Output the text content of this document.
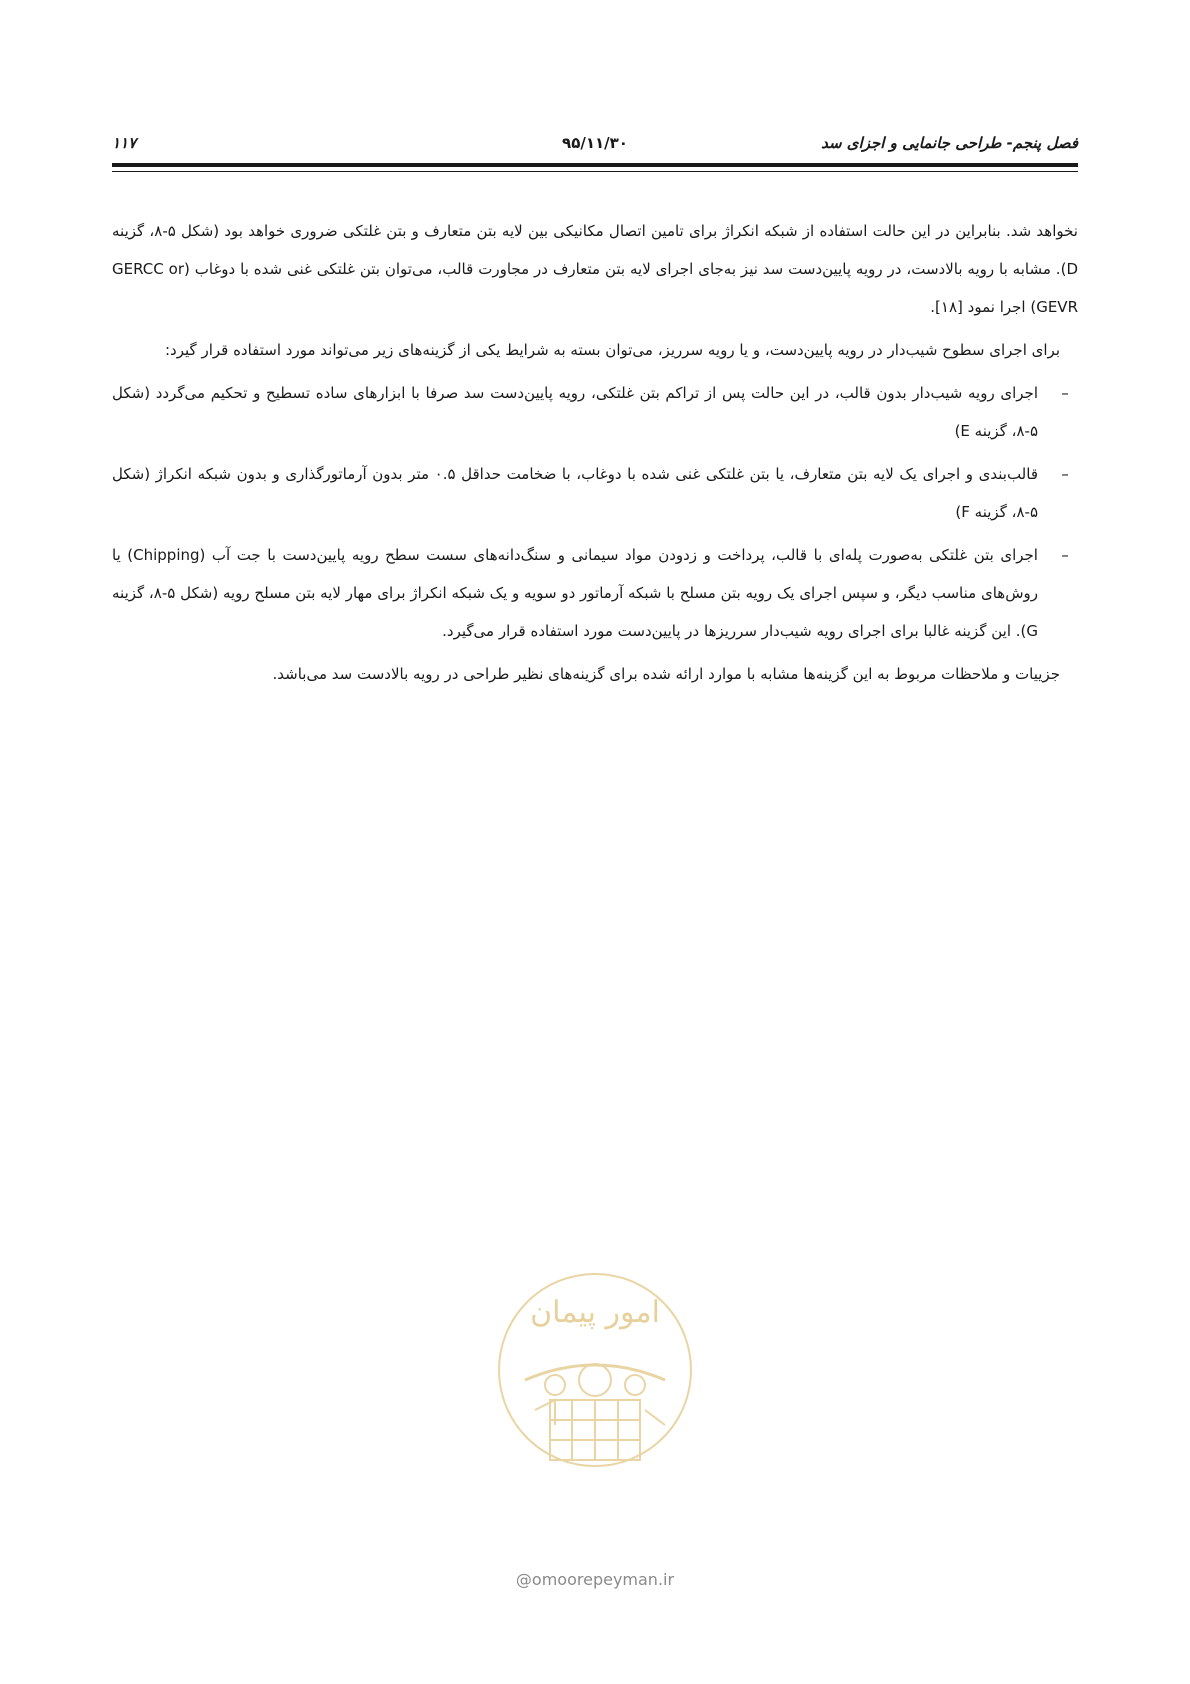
فصل پنجم- طراحی جانمایی و اجزای سد
۹۵/۱۱/۳۰
۱۱۷

نخواهد شد. بنابراین در این حالت استفاده از شبکه انکراژ برای تامین اتصال مکانیکی بین لایه بتن متعارف و بتن غلتکی ضروری خواهد بود (شکل ۵-۸، گزینه D). مشابه با رویه بالادست، در رویه پایین‌دست سد نیز به‌جای اجرای لایه بتن متعارف در مجاورت قالب، می‌توان بتن غلتکی غنی شده با دوغاب (GERCC or GEVR) اجرا نمود [۱۸].

برای اجرای سطوح شیب‌دار در رویه پایین‌دست، و یا رویه سرریز، می‌توان بسته به شرایط یکی از گزینه‌های زیر می‌تواند مورد استفاده قرار گیرد:

–
اجرای رویه شیب‌دار بدون قالب، در این حالت پس از تراکم بتن غلتکی، رویه پایین‌دست سد صرفا با ابزارهای ساده تسطیح و تحکیم می‌گردد (شکل ۵-۸، گزینه E)
–
قالب‌بندی و اجرای یک لایه بتن متعارف، یا بتن غلتکی غنی شده با دوغاب، با ضخامت حداقل ۰.۵ متر بدون آرماتورگذاری و بدون شبکه انکراژ (شکل ۵-۸، گزینه F)
–
اجرای بتن غلتکی به‌صورت پله‌ای با قالب، پرداخت و زدودن مواد سیمانی و سنگ‌دانه‌های سست سطح رویه پایین‌دست با جت آب (Chipping) یا روش‌های مناسب دیگر، و سپس اجرای یک رویه بتن مسلح با شبکه آرماتور دو سویه و یک شبکه انکراژ برای مهار لایه بتن مسلح رویه (شکل ۵-۸، گزینه G). این گزینه غالبا برای اجرای رویه شیب‌دار سرریزها در پایین‌دست مورد استفاده قرار می‌گیرد.

جزییات و ملاحظات مربوط به این گزینه‌ها مشابه با موارد ارائه شده برای گزینه‌های نظیر طراحی در رویه بالادست سد می‌باشد.

امور پیمان
@omoorepeyman.ir
